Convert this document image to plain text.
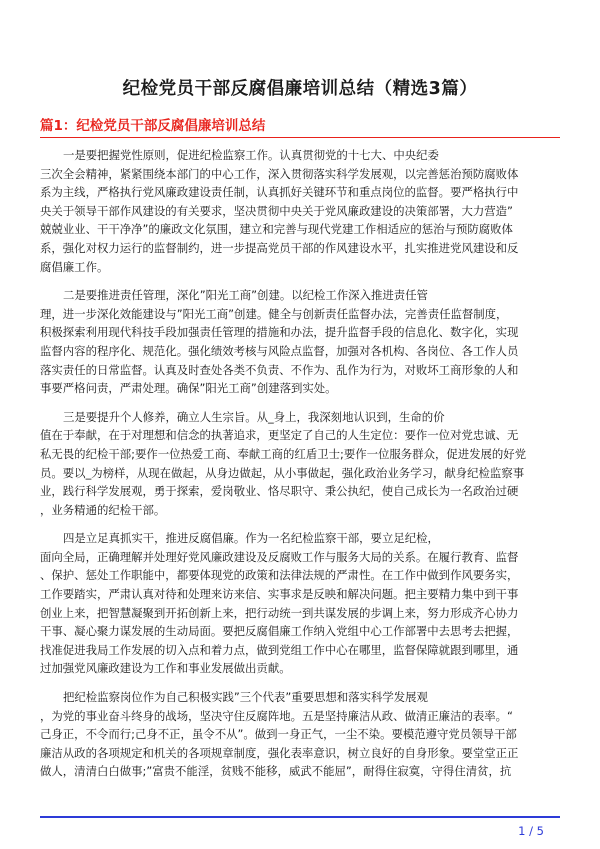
纪检党员干部反腐倡廉培训总结（精选3篇）
篇1：纪检党员干部反腐倡廉培训总结
一是要把握党性原则，促进纪检监察工作。认真贯彻党的十七大、中央纪委
三次全会精神，紧紧围绕本部门的中心工作，深入贯彻落实科学发展观，以完善惩治预防腐败体
系为主线，严格执行党风廉政建设责任制，认真抓好关键环节和重点岗位的监督。要严格执行中
央关于领导干部作风建设的有关要求，坚决贯彻中央关于党风廉政建设的决策部署，大力营造”
兢兢业业、干干净净”的廉政文化氛围，建立和完善与现代党建工作相适应的惩治与预防腐败体
系，强化对权力运行的监督制约，进一步提高党员干部的作风建设水平，扎实推进党风建设和反
腐倡廉工作。
二是要推进责任管理，深化”阳光工商”创建。以纪检工作深入推进责任管
理，进一步深化效能建设与”阳光工商”创建。健全与创新责任监督办法，完善责任监督制度，
积极探索利用现代科技手段加强责任管理的措施和办法，提升监督手段的信息化、数字化，实现
监督内容的程序化、规范化。强化绩效考核与风险点监督，加强对各机构、各岗位、各工作人员
落实责任的日常监督。认真及时查处各类不负责、不作为、乱作为行为，对败坏工商形象的人和
事要严格问责，严肃处理。确保”阳光工商”创建落到实处。
三是要提升个人修养，确立人生宗旨。从_身上，我深刻地认识到，生命的价
值在于奉献，在于对理想和信念的执著追求，更坚定了自己的人生定位：要作一位对党忠诚、无
私无畏的纪检干部;要作一位热爱工商、奉献工商的红盾卫士;要作一位服务群众，促进发展的好党
员。要以_为榜样，从现在做起，从身边做起，从小事做起，强化政治业务学习，献身纪检监察事
业，践行科学发展观，勇于探索，爱岗敬业、恪尽职守、秉公执纪，使自己成长为一名政治过硬
，业务精通的纪检干部。
四是立足真抓实干，推进反腐倡廉。作为一名纪检监察干部，要立足纪检，
面向全局，正确理解并处理好党风廉政建设及反腐败工作与服务大局的关系。在履行教育、监督
、保护、惩处工作职能中，都要体现党的政策和法律法规的严肃性。在工作中做到作风要务实，
工作要踏实，严肃认真对待和处理来访来信、实事求是反映和解决问题。把主要精力集中到干事
创业上来，把智慧凝聚到开拓创新上来，把行动统一到共谋发展的步调上来，努力形成齐心协力
干事、凝心聚力谋发展的生动局面。要把反腐倡廉工作纳入党组中心工作部署中去思考去把握，
找准促进我局工作发展的切入点和着力点，做到党组工作中心在哪里，监督保障就跟到哪里，通
过加强党风廉政建设为工作和事业发展做出贡献。
把纪检监察岗位作为自己积极实践”三个代表”重要思想和落实科学发展观
，为党的事业奋斗终身的战场，坚决守住反腐阵地。五是坚持廉洁从政、做清正廉洁的表率。“
己身正，不令而行;己身不正，虽令不从”。做到一身正气，一尘不染。要模范遵守党员领导干部
廉洁从政的各项规定和机关的各项规章制度，强化表率意识，树立良好的自身形象。要堂堂正正
做人，清清白白做事;”富贵不能淫，贫贱不能移，威武不能屈”，耐得住寂寞，守得住清贫，抗
1 / 5
